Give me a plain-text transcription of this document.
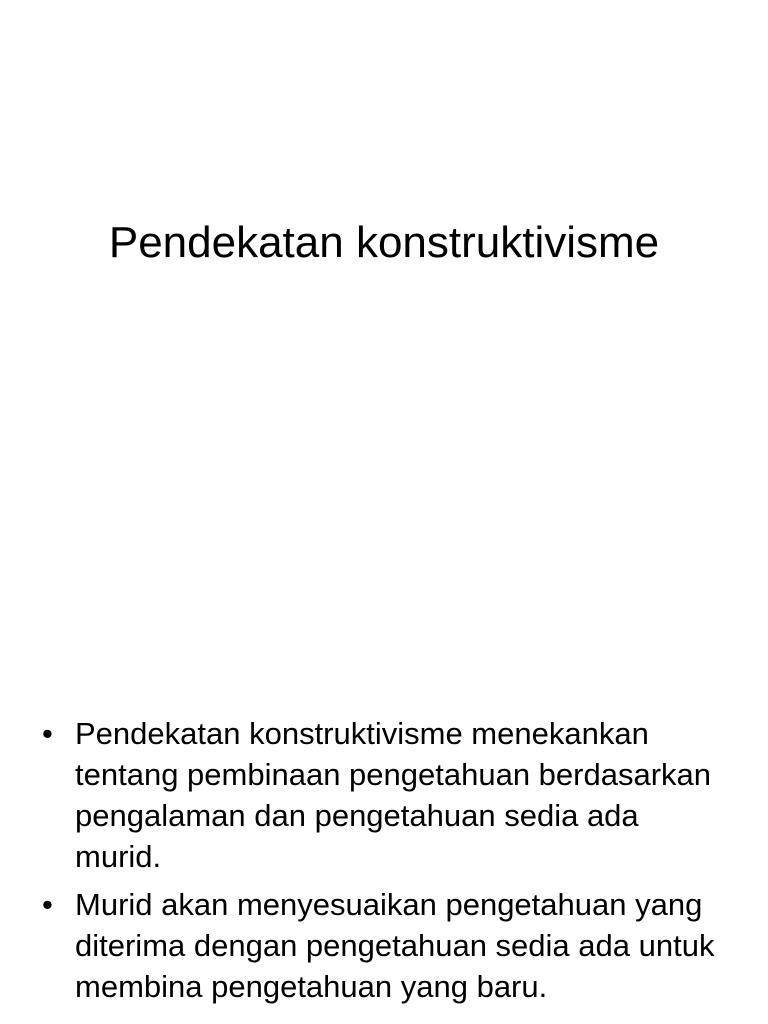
Pendekatan konstruktivisme
• Pendekatan konstruktivisme menekankan tentang pembinaan pengetahuan berdasarkan pengalaman dan pengetahuan sedia ada murid.
• Murid akan menyesuaikan pengetahuan yang diterima dengan pengetahuan sedia ada untuk membina pengetahuan yang baru.
